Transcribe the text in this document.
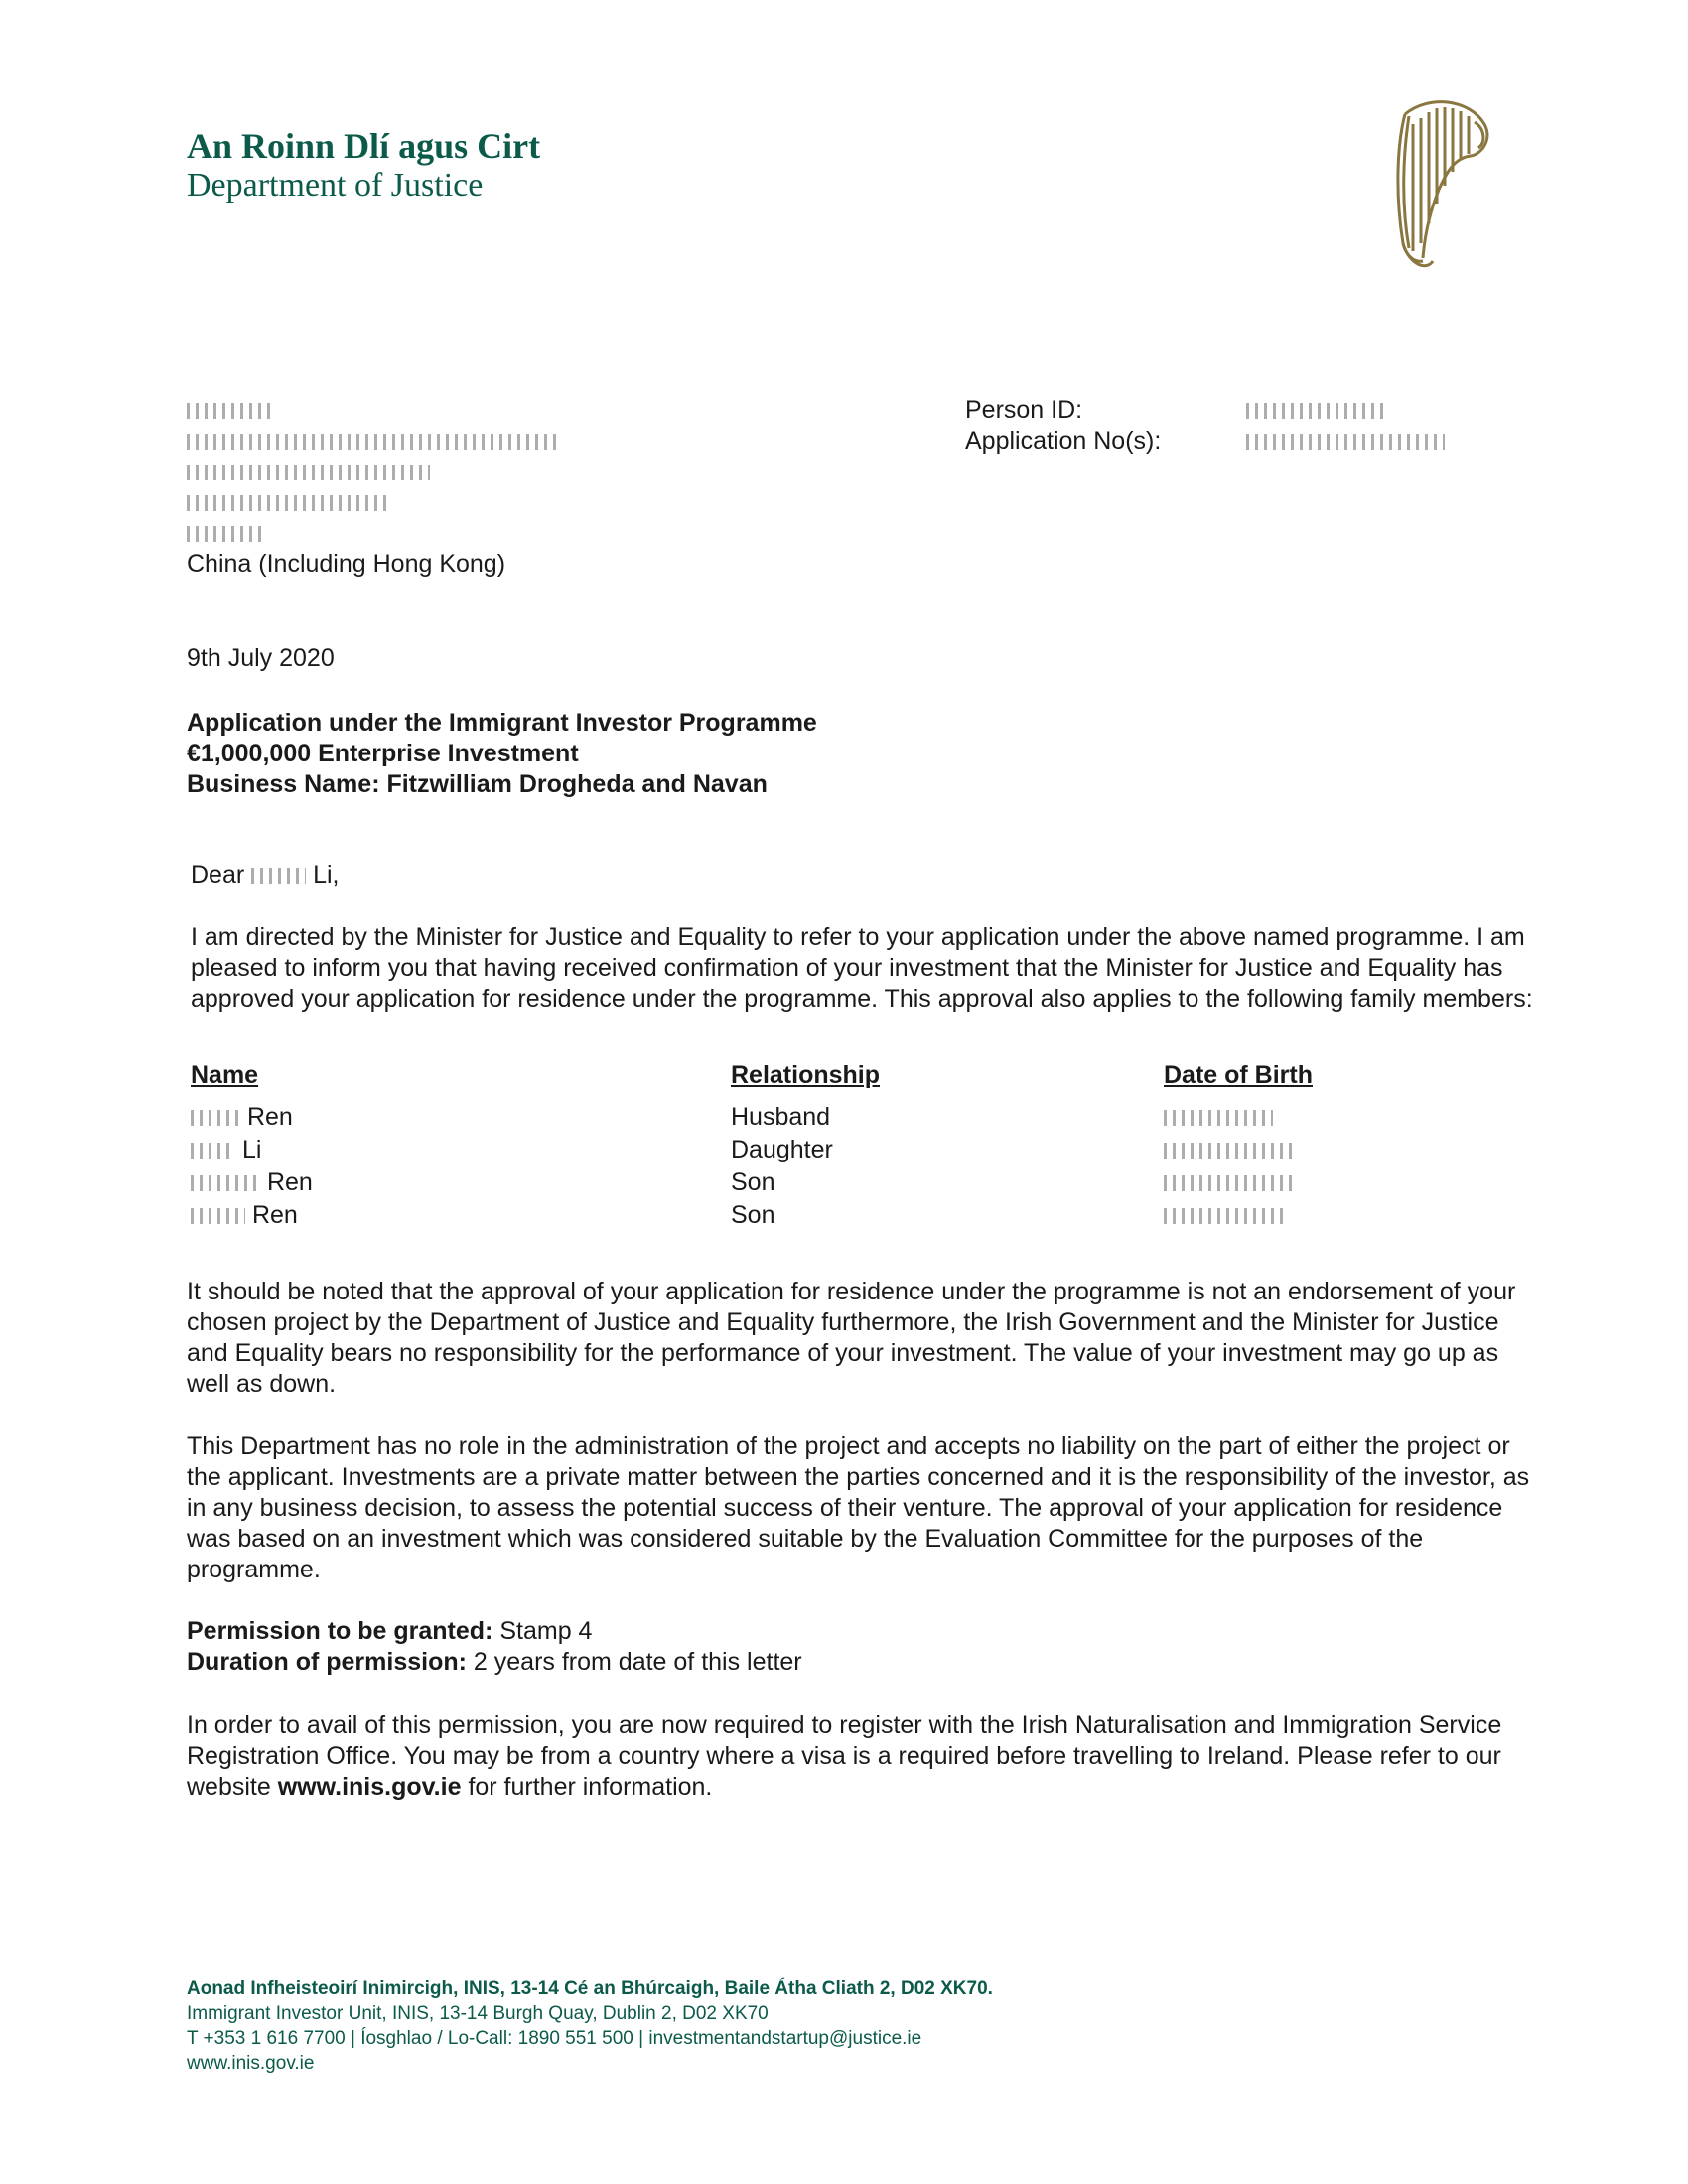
An Roinn Dlí agus Cirt
Department of Justice
China (Including Hong Kong)
Person ID:
Application No(s):
9th July 2020
Application under the Immigrant Investor Programme
€1,000,000 Enterprise Investment
Business Name: Fitzwilliam Drogheda and Navan
Dear	Li,
I am directed by the Minister for Justice and Equality to refer to your application under the above named programme. I am pleased to inform you that having received confirmation of your investment that the Minister for Justice and Equality has approved your application for residence under the programme. This approval also applies to the following family members:
Name	Relationship	Date of Birth
Ren	Husband
Li	Daughter
Ren	Son
Ren	Son
It should be noted that the approval of your application for residence under the programme is not an endorsement of your chosen project by the Department of Justice and Equality furthermore, the Irish Government and the Minister for Justice and Equality bears no responsibility for the performance of your investment. The value of your investment may go up as well as down.
This Department has no role in the administration of the project and accepts no liability on the part of either the project or the applicant. Investments are a private matter between the parties concerned and it is the responsibility of the investor, as in any business decision, to assess the potential success of their venture. The approval of your application for residence was based on an investment which was considered suitable by the Evaluation Committee for the purposes of the programme.
Permission to be granted: Stamp 4
Duration of permission: 2 years from date of this letter
In order to avail of this permission, you are now required to register with the Irish Naturalisation and Immigration Service Registration Office. You may be from a country where a visa is a required before travelling to Ireland. Please refer to our website www.inis.gov.ie for further information.
Aonad Infheisteoirí Inimircigh, INIS, 13-14 Cé an Bhúrcaigh, Baile Átha Cliath 2, D02 XK70.
Immigrant Investor Unit, INIS, 13-14 Burgh Quay, Dublin 2, D02 XK70
T +353 1 616 7700 | Íosghlao / Lo-Call: 1890 551 500 | investmentandstartup@justice.ie
www.inis.gov.ie
